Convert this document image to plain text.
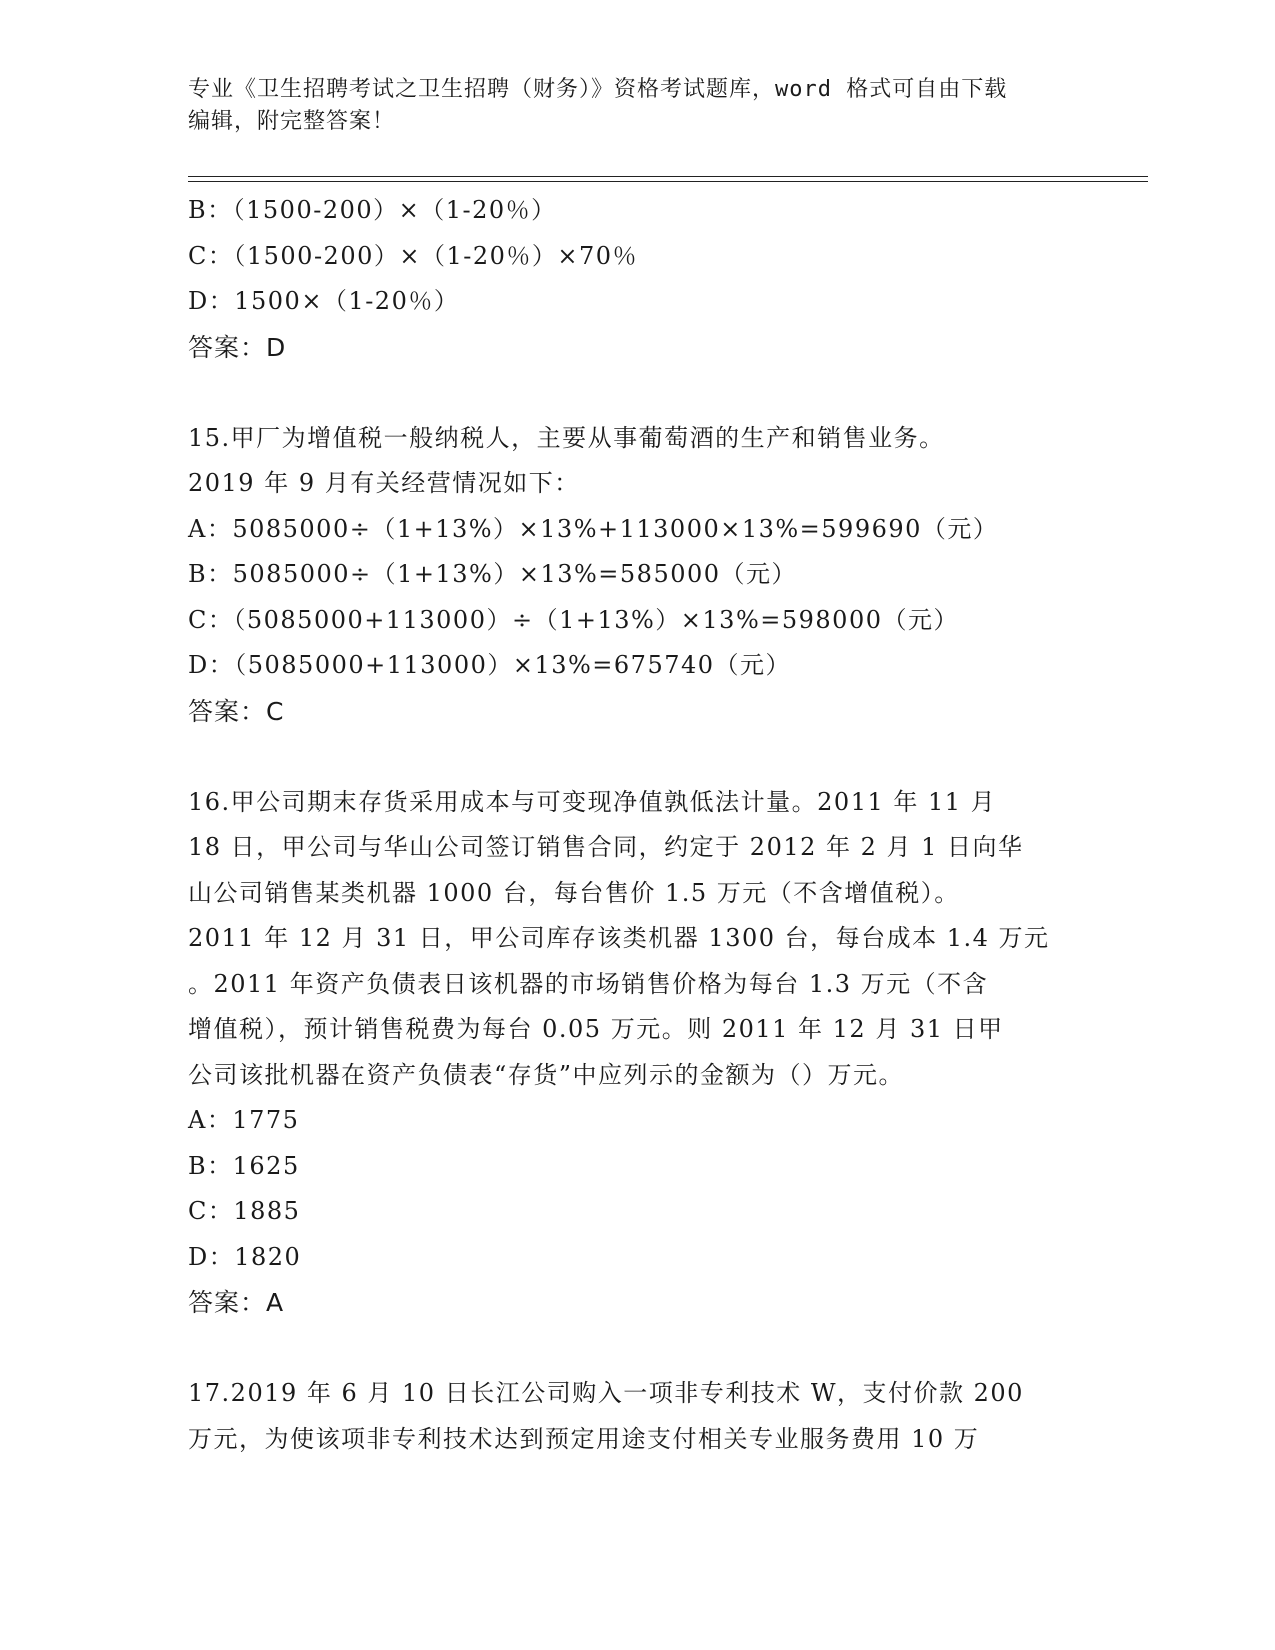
专业《卫生招聘考试之卫生招聘（财务）》资格考试题库，word 格式可自由下载
编辑，附完整答案！
B：（1500-200）×（1-20％）
C：（1500-200）×（1-20％）×70％
D：1500×（1-20％）
答案：D
15.甲厂为增值税一般纳税人，主要从事葡萄酒的生产和销售业务。
2019 年 9 月有关经营情况如下：
A：5085000÷（1+13%）×13%+113000×13%=599690（元）
B：5085000÷（1+13%）×13%=585000（元）
C：（5085000+113000）÷（1+13%）×13%=598000（元）
D：（5085000+113000）×13%=675740（元）
答案：C
16.甲公司期末存货采用成本与可变现净值孰低法计量。2011 年 11 月
18 日，甲公司与华山公司签订销售合同，约定于 2012 年 2 月 1 日向华
山公司销售某类机器 1000 台，每台售价 1.5 万元（不含增值税）。
2011 年 12 月 31 日，甲公司库存该类机器 1300 台，每台成本 1.4 万元
。2011 年资产负债表日该机器的市场销售价格为每台 1.3 万元（不含
增值税），预计销售税费为每台 0.05 万元。则 2011 年 12 月 31 日甲
公司该批机器在资产负债表“存货”中应列示的金额为（）万元。
A：1775
B：1625
C：1885
D：1820
答案：A
17.2019 年 6 月 10 日长江公司购入一项非专利技术 W，支付价款 200
万元，为使该项非专利技术达到预定用途支付相关专业服务费用 10 万
